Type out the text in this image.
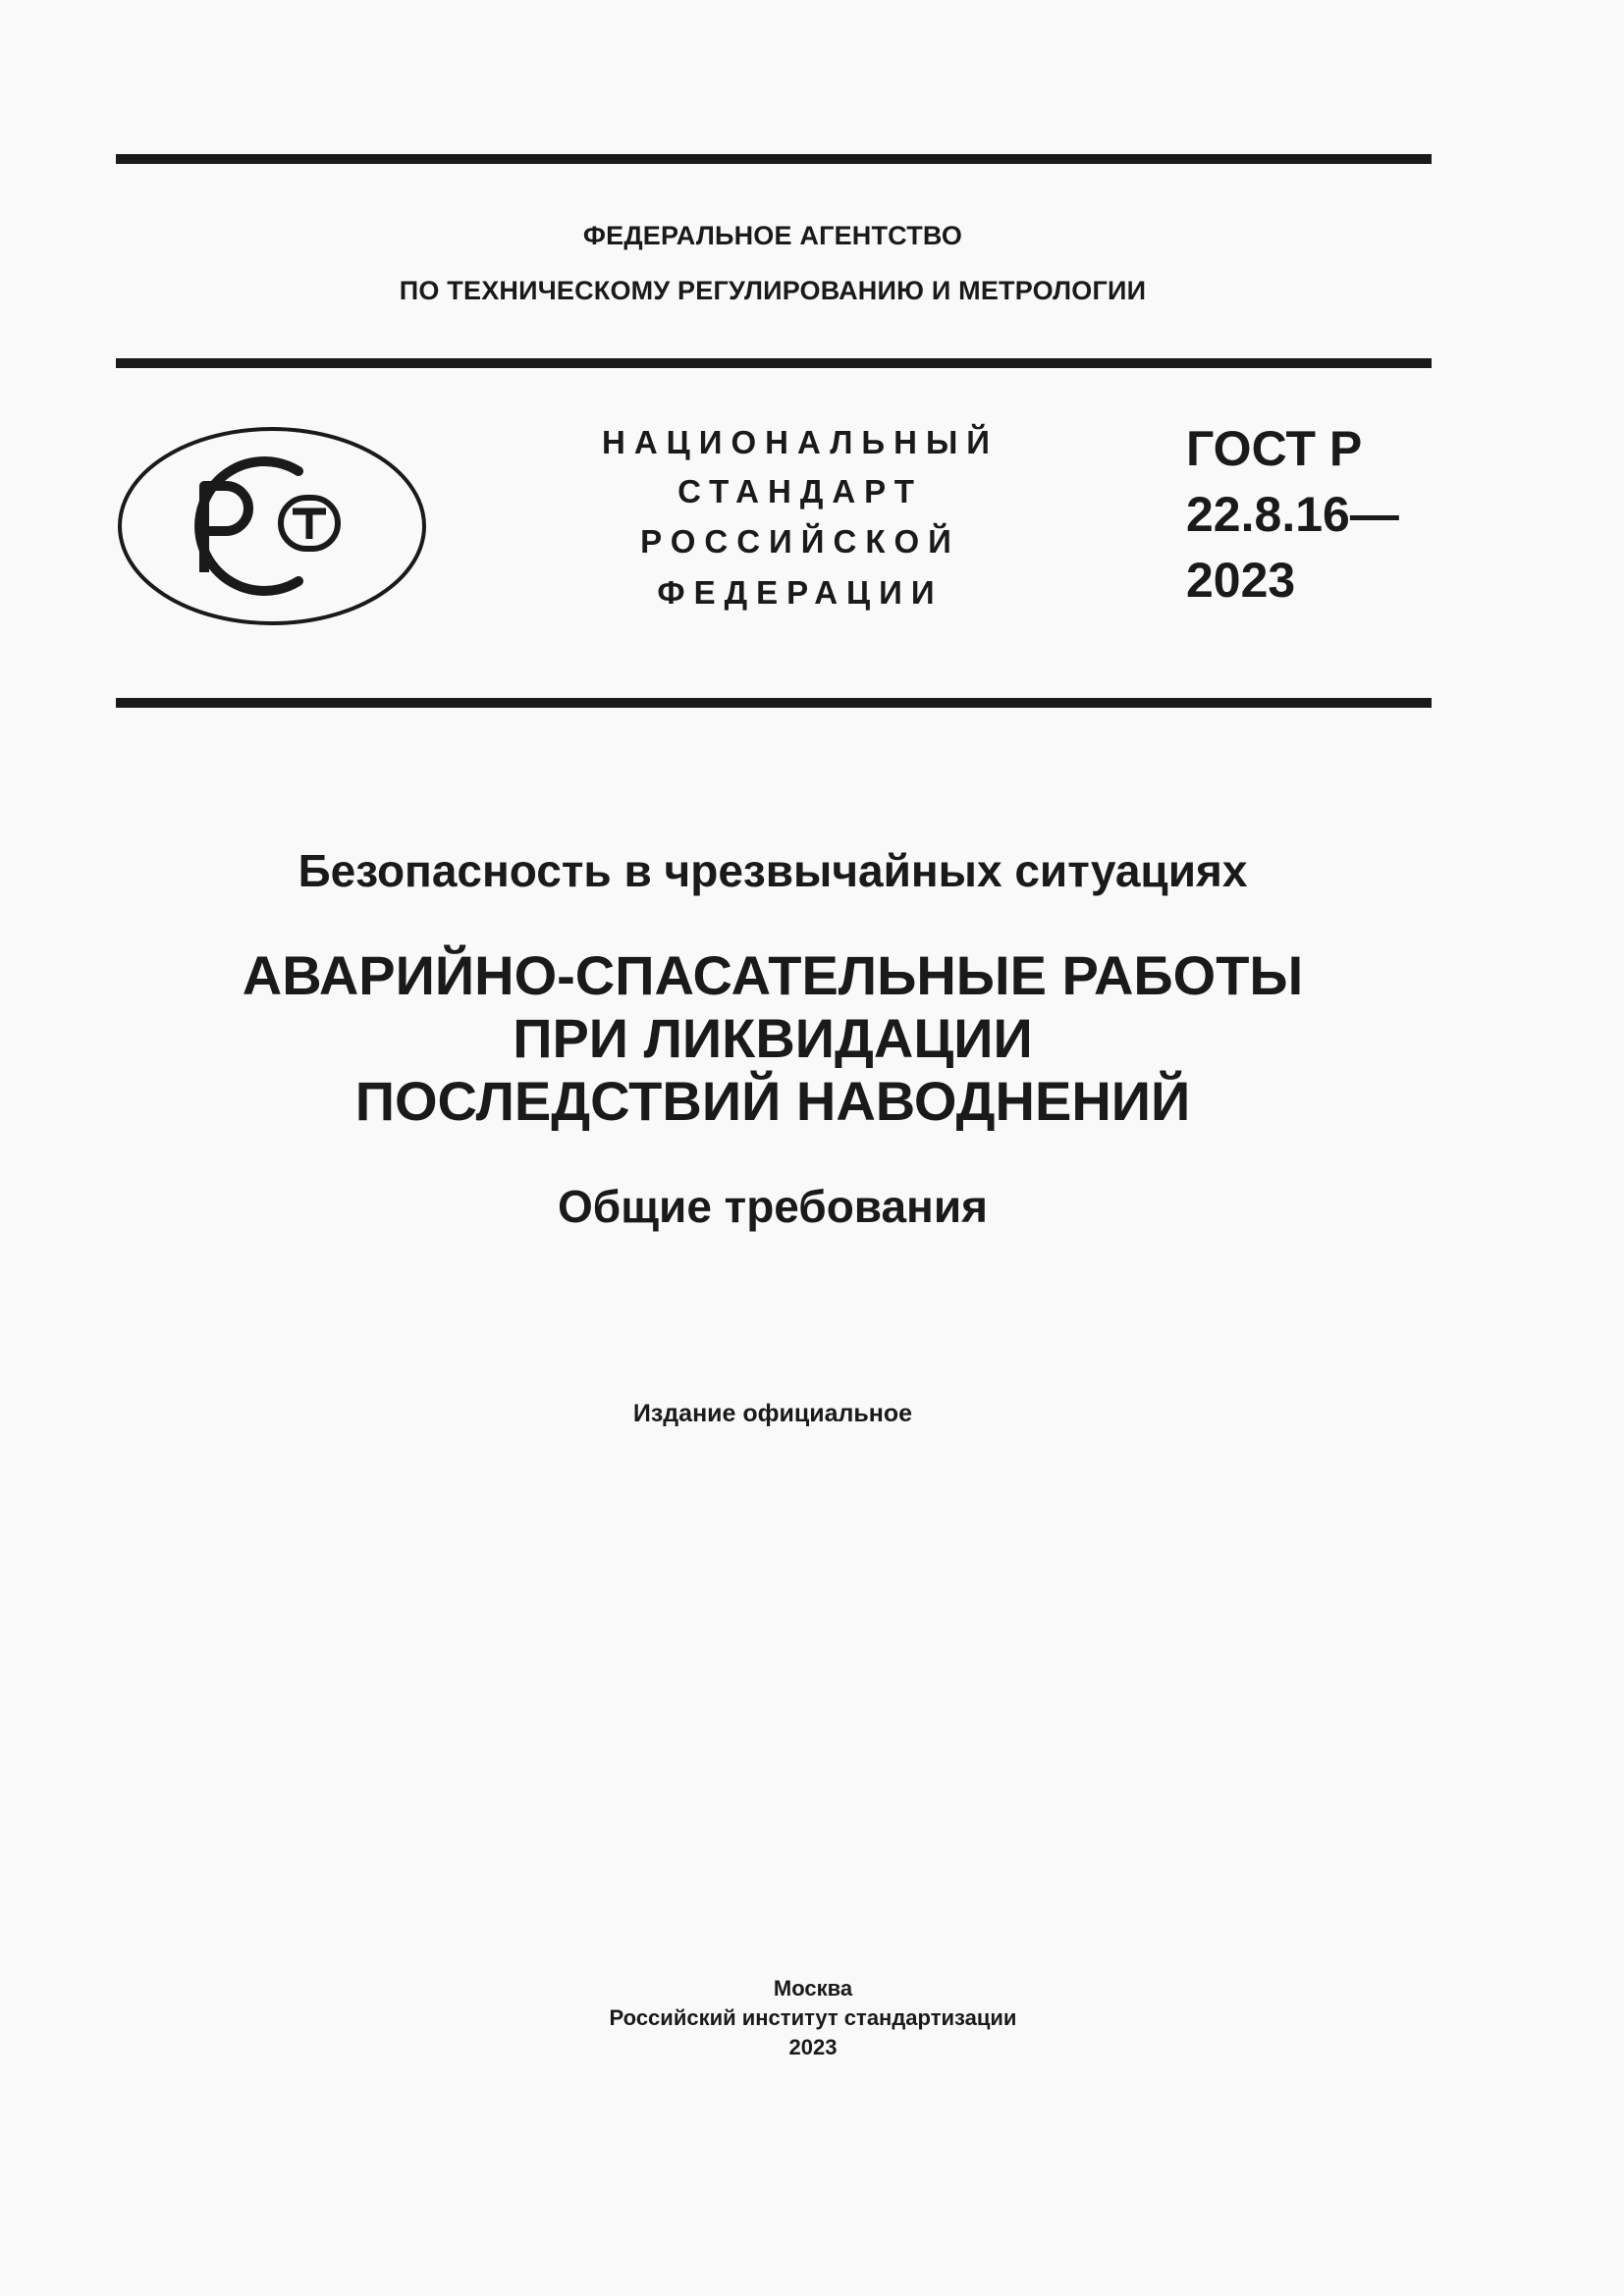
ФЕДЕРАЛЬНОЕ АГЕНТСТВО
ПО ТЕХНИЧЕСКОМУ РЕГУЛИРОВАНИЮ И МЕТРОЛОГИИ
НАЦИОНАЛЬНЫЙ
СТАНДАРТ
РОССИЙСКОЙ
ФЕДЕРАЦИИ
ГОСТ Р
22.8.16—
2023
Безопасность в чрезвычайных ситуациях
АВАРИЙНО-СПАСАТЕЛЬНЫЕ РАБОТЫ
ПРИ ЛИКВИДАЦИИ
ПОСЛЕДСТВИЙ НАВОДНЕНИЙ
Общие требования
Издание официальное
Москва
Российский институт стандартизации
2023
